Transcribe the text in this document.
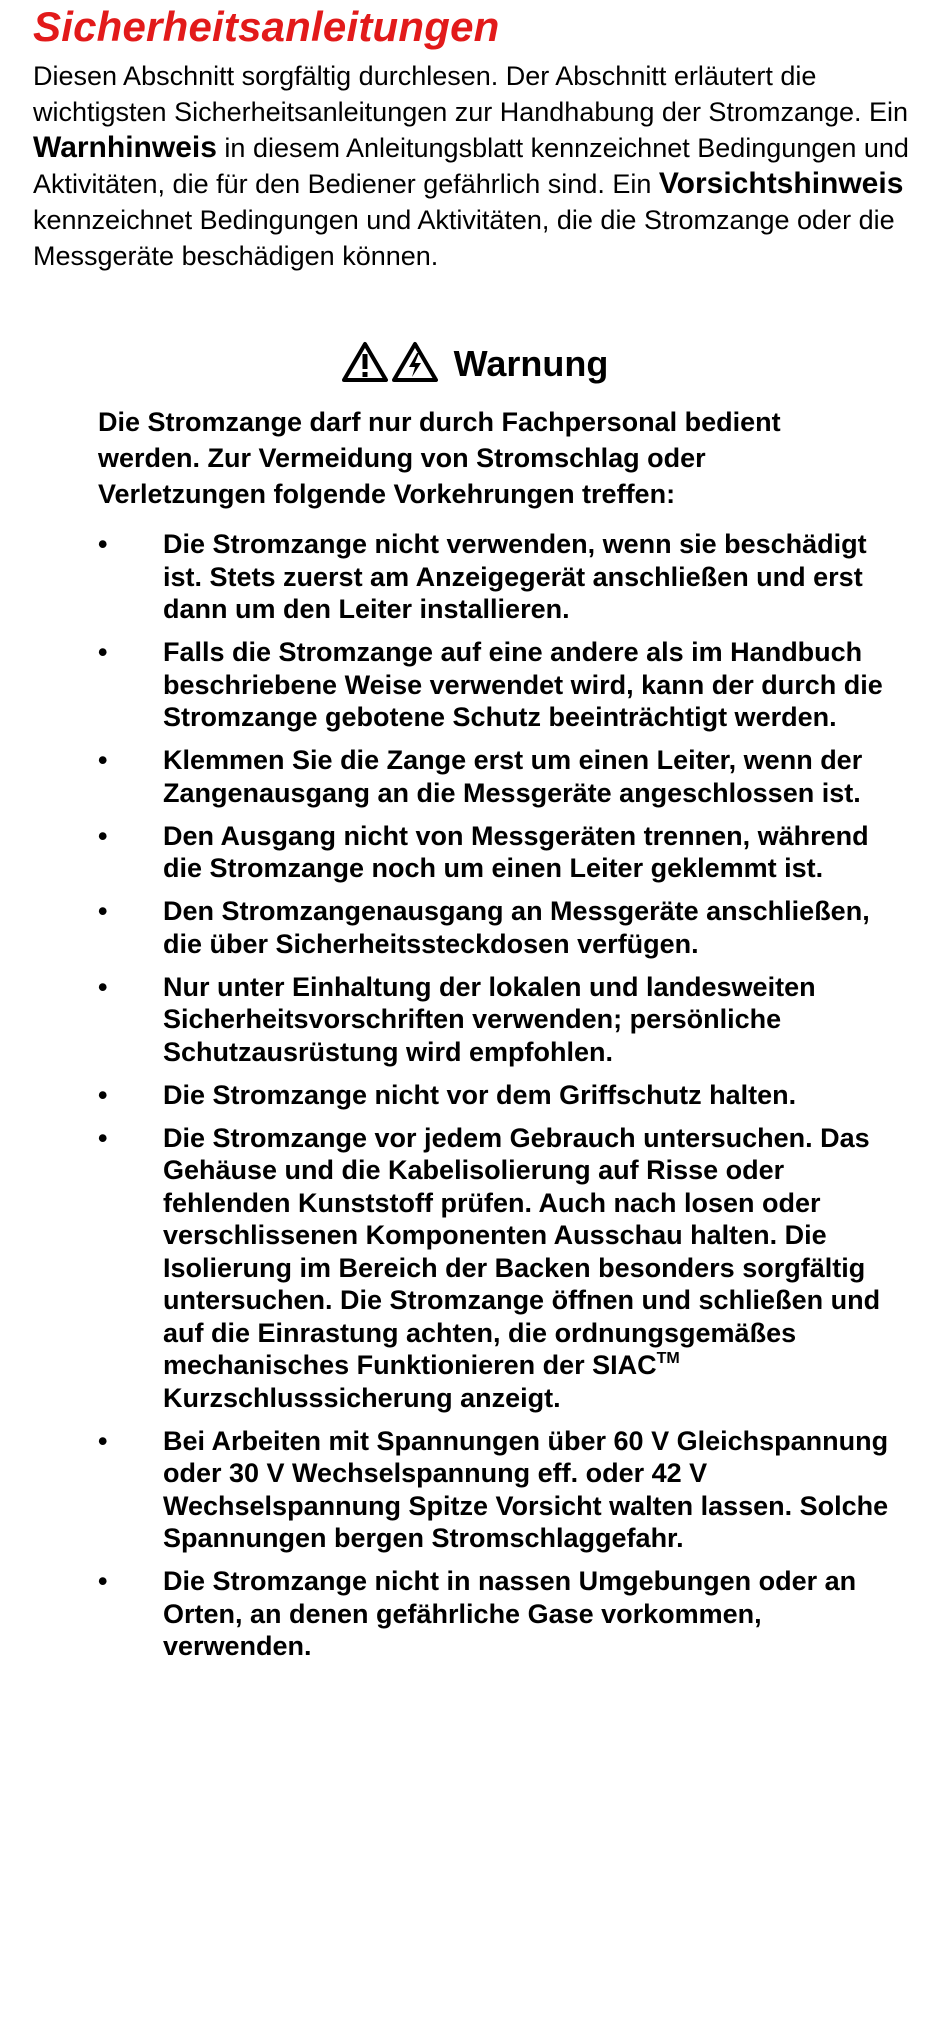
Sicherheitsanleitungen

Diesen Abschnitt sorgfältig durchlesen. Der Abschnitt erläutert die wichtigsten Sicherheitsanleitungen zur Handhabung der Stromzange. Ein Warnhinweis in diesem Anleitungsblatt kennzeichnet Bedingungen und Aktivitäten, die für den Bediener gefährlich sind. Ein Vorsichtshinweis kennzeichnet Bedingungen und Aktivitäten, die die Stromzange oder die Messgeräte beschädigen können.

Warnung

Die Stromzange darf nur durch Fachpersonal bedient werden. Zur Vermeidung von Stromschlag oder Verletzungen folgende Vorkehrungen treffen:

• Die Stromzange nicht verwenden, wenn sie beschädigt ist. Stets zuerst am Anzeigegerät anschließen und erst dann um den Leiter installieren.
• Falls die Stromzange auf eine andere als im Handbuch beschriebene Weise verwendet wird, kann der durch die Stromzange gebotene Schutz beeinträchtigt werden.
• Klemmen Sie die Zange erst um einen Leiter, wenn der Zangenausgang an die Messgeräte angeschlossen ist.
• Den Ausgang nicht von Messgeräten trennen, während die Stromzange noch um einen Leiter geklemmt ist.
• Den Stromzangenausgang an Messgeräte anschließen, die über Sicherheitssteckdosen verfügen.
• Nur unter Einhaltung der lokalen und landesweiten Sicherheitsvorschriften verwenden; persönliche Schutzausrüstung wird empfohlen.
• Die Stromzange nicht vor dem Griffschutz halten.
• Die Stromzange vor jedem Gebrauch untersuchen. Das Gehäuse und die Kabelisolierung auf Risse oder fehlenden Kunststoff prüfen. Auch nach losen oder verschlissenen Komponenten Ausschau halten. Die Isolierung im Bereich der Backen besonders sorgfältig untersuchen. Die Stromzange öffnen und schließen und auf die Einrastung achten, die ordnungsgemäßes mechanisches Funktionieren der SIAC™ Kurzschlusssicherung anzeigt.
• Bei Arbeiten mit Spannungen über 60 V Gleichspannung oder 30 V Wechselspannung eff. oder 42 V Wechselspannung Spitze Vorsicht walten lassen. Solche Spannungen bergen Stromschlaggefahr.
• Die Stromzange nicht in nassen Umgebungen oder an Orten, an denen gefährliche Gase vorkommen, verwenden.
